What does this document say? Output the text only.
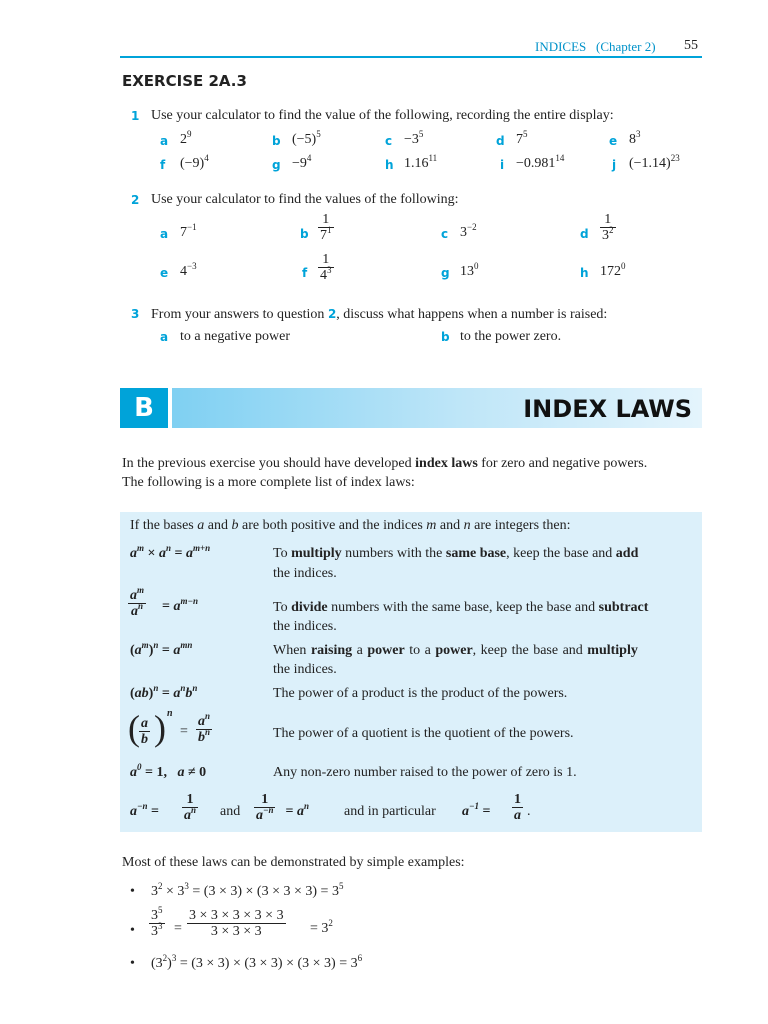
INDICES   (Chapter 2) 55
EXERCISE 2A.3
1 Use your calculator to find the value of the following, recording the entire display:
a $2^9$	b $(-5)^5$	$c -3^5$	d $7^5$	e $8^3$
f $(-9)^4$	$g -9^4$	h 1.16$^{11}$	$i -0.981^{14}$	j $(-1.14)^{23}$
2 Use your calculator to find the values of the following:
a $7^{-1}$	b
1
$7^1$	c $3^{-2}$	d
1
$3^2$
e $4^{-3}$	f
1
$4^3$	g $13^0$	h $172^0$
3 From your answers to question 2, discuss what happens when a number is raised:
a to a negative power	b to the power zero.
B	INDEX LAWS
In the previous exercise you should have developed index laws for zero and negative powers.
The following is a more complete list of index laws:
If the bases a and b are both positive and the indices m and n are integers then:
$a^m \times a^n = a^{m+n}$	To multiply numbers with the same base, keep the base and add
the indices.
$a^m$
$a^n = a^{m-n}$	To divide numbers with the same base, keep the base and subtract
the indices.
$(a^m)^n = a^{mn}$	When raising a power to a power, keep the base and multiply
the indices.
$(ab)^n = a^nb^n$	The power of a product is the product of the powers.
( a
b ) n
=
$a^n$
$b^n$	The power of a quotient is the quotient of the powers.
$a^0 = 1$,   a ≠ 0	Any non-zero number raised to the power of zero is 1.
$a^{-n}$ =
1
$a^n$ and
1
$a^{-n} = a^n$	and in particular $a^{-1}$ =
1
a .
Most of these laws can be demonstrated by simple examples:
• $3^2 \times 3^3 = (3 \times 3) \times (3 \times 3 \times 3) = 3^5$
•
$3^5$
$3^3$ =
3 × 3 × 3 × 3 × 3
3 × 3 × 3	= $3^2$
• $(3^2)^3 = (3 \times 3) \times (3 \times 3) \times (3 \times 3) = 3^6$
